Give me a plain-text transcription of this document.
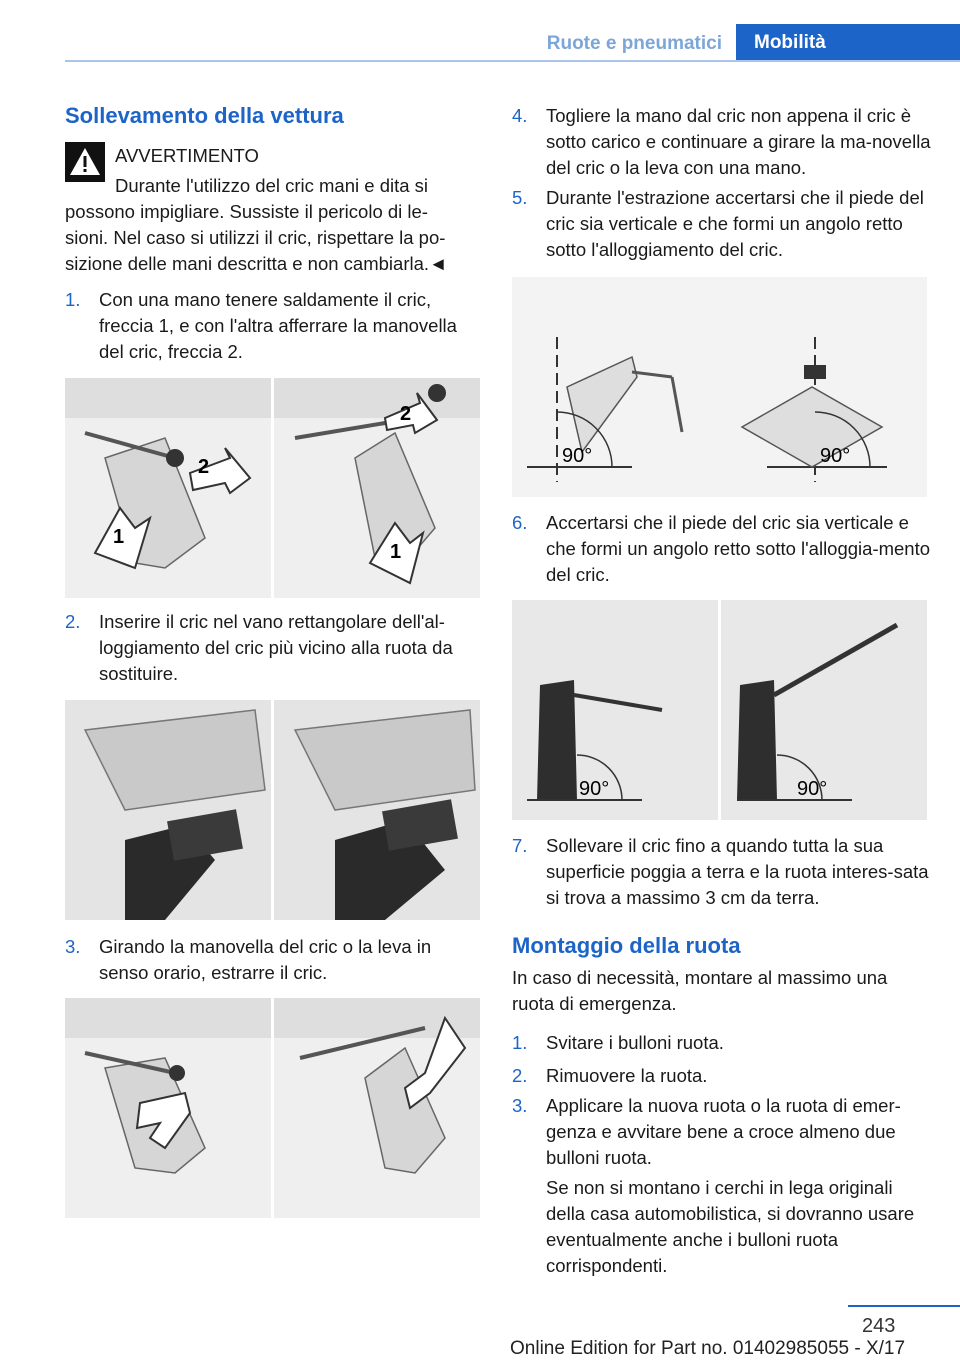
Ruote e pneumatici	Mobilità
Sollevamento della vettura
AVVERTIMENTO
Durante l'utilizzo del cric mani e dita si
possono impigliare. Sussiste il pericolo di le-
sioni. Nel caso si utilizzi il cric, rispettare la po-
sizione delle mani descritta e non cambiarla.◄
1. Con una mano tenere saldamente il cric, freccia 1, e con l'altra afferrare la manovella del cric, freccia 2.
1
2
1
2
2. Inserire il cric nel vano rettangolare dell'al-loggiamento del cric più vicino alla ruota da sostituire.
3. Girando la manovella del cric o la leva in senso orario, estrarre il cric.
4. Togliere la mano dal cric non appena il cric è sotto carico e continuare a girare la ma-novella del cric o la leva con una mano.
5. Durante l'estrazione accertarsi che il piede del cric sia verticale e che formi un angolo retto sotto l'alloggiamento del cric.
90°	90°
6. Accertarsi che il piede del cric sia verticale e che formi un angolo retto sotto l'alloggia-mento del cric.
90°	90°
7. Sollevare il cric fino a quando tutta la sua superficie poggia a terra e la ruota interes-sata si trova a massimo 3 cm da terra.
Montaggio della ruota
In caso di necessità, montare al massimo una ruota di emergenza.
1. Svitare i bulloni ruota.
2. Rimuovere la ruota.
3. Applicare la nuova ruota o la ruota di emer-genza e avvitare bene a croce almeno due bulloni ruota.
Se non si montano i cerchi in lega originali della casa automobilistica, si dovranno usare eventualmente anche i bulloni ruota corrispondenti.
243
Online Edition for Part no. 01402985055 - X/17
